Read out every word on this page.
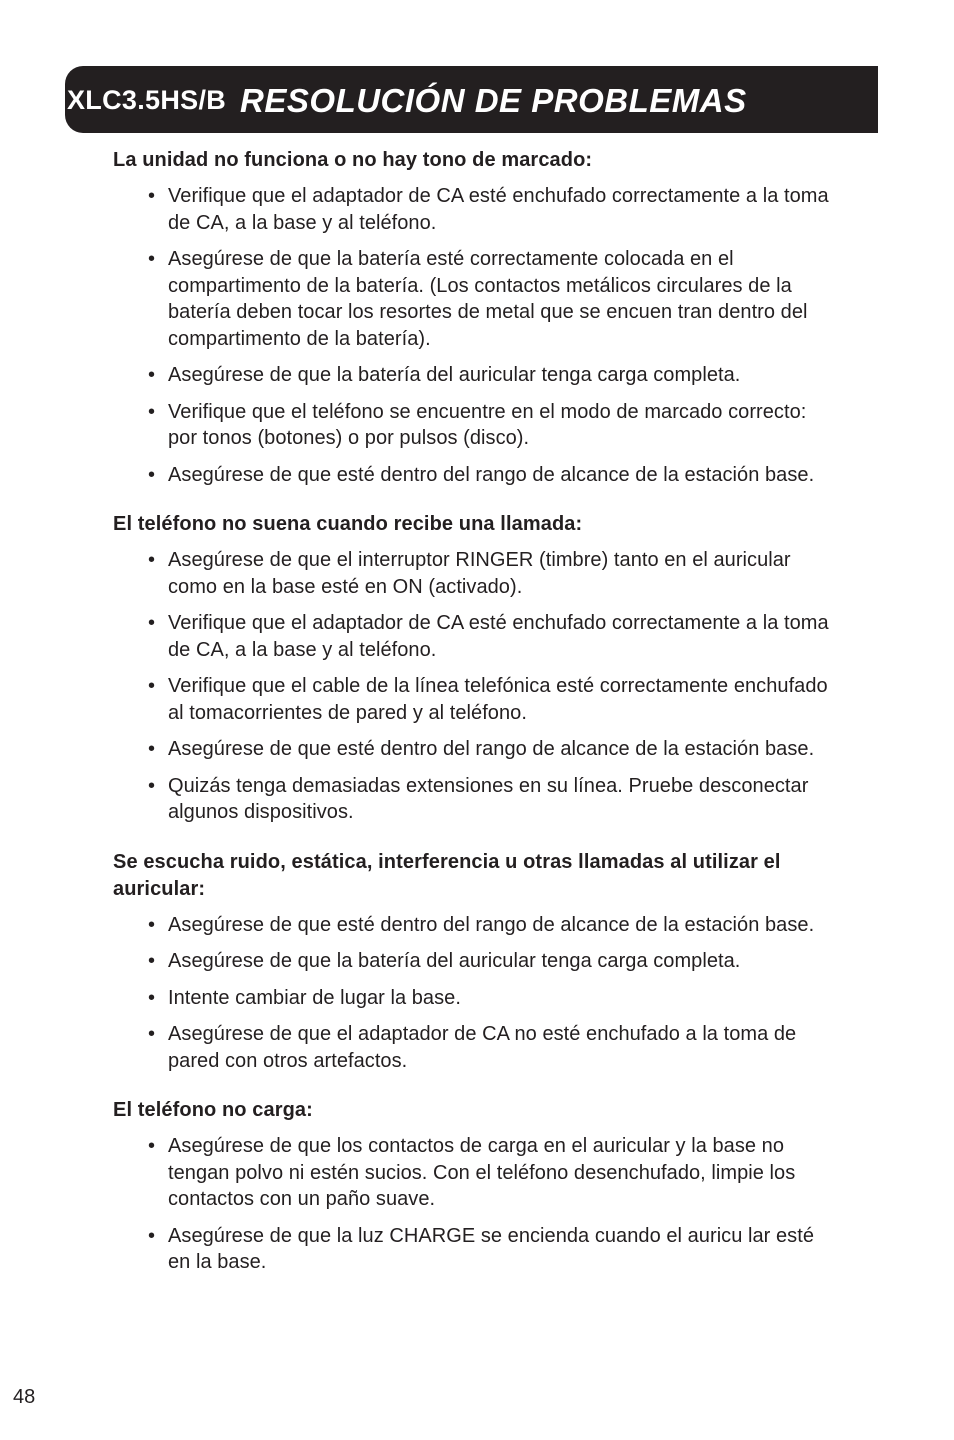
XLC3.5HS/B RESOLUCIÓN DE PROBLEMAS
La unidad no funciona o no hay tono de marcado:
• Verifique que el adaptador de CA esté enchufado correctamente a la toma de CA, a la base y al teléfono.
• Asegúrese de que la batería esté correctamente colocada en el compartimento de la batería. (Los contactos metálicos circulares de la batería deben tocar los resortes de metal que se encuen tran dentro del compartimento de la batería).
• Asegúrese de que la batería del auricular tenga carga completa.
• Verifique que el teléfono se encuentre en el modo de marcado correcto: por tonos (botones) o por pulsos (disco).
• Asegúrese de que esté dentro del rango de alcance de la estación base.
El teléfono no suena cuando recibe una llamada:
• Asegúrese de que el interruptor RINGER (timbre) tanto en el auricular como en la base esté en ON (activado).
• Verifique que el adaptador de CA esté enchufado correctamente a la toma de CA, a la base y al teléfono.
• Verifique que el cable de la línea telefónica esté correctamente enchufado al tomacorrientes de pared y al teléfono.
• Asegúrese de que esté dentro del rango de alcance de la estación base.
• Quizás tenga demasiadas extensiones en su línea. Pruebe desconectar algunos dispositivos.
Se escucha ruido, estática, interferencia u otras llamadas al utilizar el auricular:
• Asegúrese de que esté dentro del rango de alcance de la estación base.
• Asegúrese de que la batería del auricular tenga carga completa.
• Intente cambiar de lugar la base.
• Asegúrese de que el adaptador de CA no esté enchufado a la toma de pared con otros artefactos.
El teléfono no carga:
• Asegúrese de que los contactos de carga en el auricular y la base no tengan polvo ni estén sucios. Con el teléfono desenchufado, limpie los contactos con un paño suave.
• Asegúrese de que la luz CHARGE se encienda cuando el auricu lar esté en la base.
48
